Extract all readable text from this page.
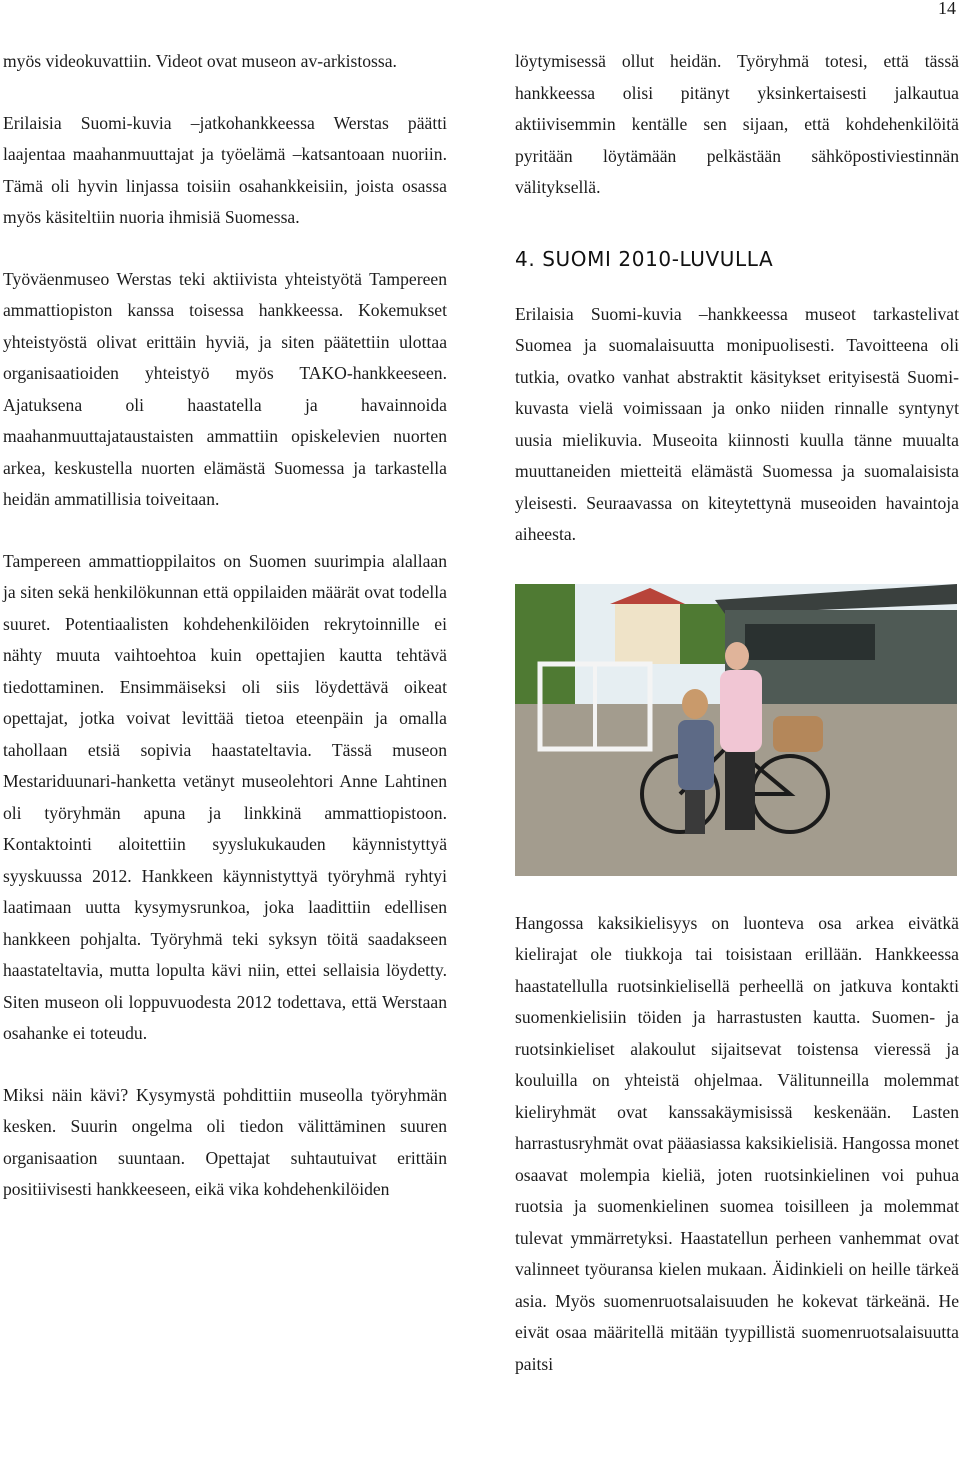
14

myös videokuvattiin. Videot ovat museon av-arkistossa.

Erilaisia Suomi-kuvia –jatkohankkeessa Werstas päätti laajentaa maahanmuuttajat ja työelämä –katsantoaan nuoriin. Tämä oli hyvin linjassa toisiin osahankkeisiin, joista osassa myös käsiteltiin nuoria ihmisiä Suomessa.

Työväenmuseo Werstas teki aktiivista yhteistyötä Tampereen ammattiopiston kanssa toisessa hankkeessa. Kokemukset yhteistyöstä olivat erittäin hyviä, ja siten päätettiin ulottaa organisaatioiden yhteistyö myös TAKO-hankkeeseen. Ajatuksena oli haastatella ja havainnoida maahanmuuttajataustaisten ammattiin opiskelevien nuorten arkea, keskustella nuorten elämästä Suomessa ja tarkastella heidän ammatillisia toiveitaan.

Tampereen ammattioppilaitos on Suomen suurimpia alallaan ja siten sekä henkilökunnan että oppilaiden määrät ovat todella suuret. Potentiaalisten kohdehenkilöiden rekrytoinnille ei nähty muuta vaihtoehtoa kuin opettajien kautta tehtävä tiedottaminen. Ensimmäiseksi oli siis löydettävä oikeat opettajat, jotka voivat levittää tietoa eteenpäin ja omalla tahollaan etsiä sopivia haastateltavia. Tässä museon Mestariduunari-hanketta vetänyt museolehtori Anne Lahtinen oli työryhmän apuna ja linkkinä ammattiopistoon. Kontaktointi aloitettiin syyslukukauden käynnistyttyä syyskuussa 2012. Hankkeen käynnistyttyä työryhmä ryhtyi laatimaan uutta kysymysrunkoa, joka laadittiin edellisen hankkeen pohjalta. Työryhmä teki syksyn töitä saadakseen haastateltavia, mutta lopulta kävi niin, ettei sellaisia löydetty. Siten museon oli loppuvuodesta 2012 todettava, että Werstaan osahanke ei toteudu.

Miksi näin kävi? Kysymystä pohdittiin museolla työryhmän kesken. Suurin ongelma oli tiedon välittäminen suuren organisaation suuntaan. Opettajat suhtautuivat erittäin positiivisesti hankkeeseen, eikä vika kohdehenkilöiden

löytymisessä ollut heidän. Työryhmä totesi, että tässä hankkeessa olisi pitänyt yksinkertaisesti jalkautua aktiivisemmin kentälle sen sijaan, että kohdehenkilöitä pyritään löytämään pelkästään sähköpostiviestinnän välityksellä.

4. SUOMI 2010-LUVULLA

Erilaisia Suomi-kuvia –hankkeessa museot tarkastelivat Suomea ja suomalaisuutta monipuolisesti. Tavoitteena oli tutkia, ovatko vanhat abstraktit käsitykset erityisestä Suomi-kuvasta vielä voimissaan ja onko niiden rinnalle syntynyt uusia mielikuvia. Museoita kiinnosti kuulla tänne muualta muuttaneiden mietteitä elämästä Suomessa ja suomalaisista yleisesti. Seuraavassa on kiteytettynä museoiden havaintoja aiheesta.

Hangossa kaksikielisyys on luonteva osa arkea eivätkä kielirajat ole tiukkoja tai toisistaan erillään. Hankkeessa haastatellulla ruotsinkielisellä perheellä on jatkuva kontakti suomenkielisiin töiden ja harrastusten kautta. Suomen- ja ruotsinkieliset alakoulut sijaitsevat toistensa vieressä ja kouluilla on yhteistä ohjelmaa. Välitunneilla molemmat kieliryhmät ovat kanssakäymisissä keskenään. Lasten harrastusryhmät ovat pääasiassa kaksikielisiä. Hangossa monet osaavat molempia kieliä, joten ruotsinkielinen voi puhua ruotsia ja suomenkielinen suomea toisilleen ja molemmat tulevat ymmärretyksi. Haastatellun perheen vanhemmat ovat valinneet työuransa kielen mukaan. Äidinkieli on heille tärkeä asia. Myös suomenruotsalaisuuden he kokevat tärkeänä. He eivät osaa määritellä mitään tyypillistä suomenruotsalaisuutta paitsi
